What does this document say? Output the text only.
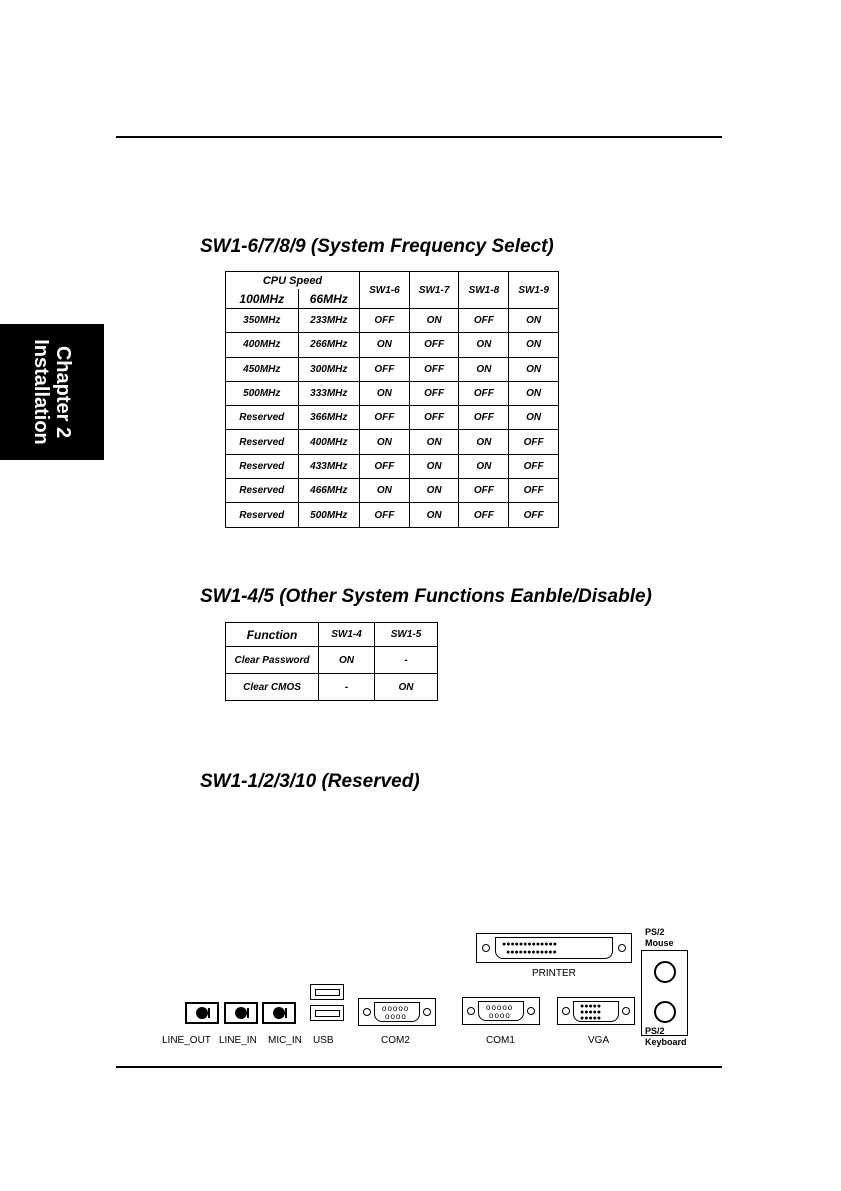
Chapter 2
Installation
SW1-6/7/8/9 (System Frequency Select)
CPU Speed		SW1-6	SW1-7	SW1-8	SW1-9
100MHz	66MHz				
350MHz	233MHz	OFF	ON	OFF	ON
400MHz	266MHz	ON	OFF	ON	ON
450MHz	300MHz	OFF	OFF	ON	ON
500MHz	333MHz	ON	OFF	OFF	ON
Reserved	366MHz	OFF	OFF	OFF	ON
Reserved	400MHz	ON	ON	ON	OFF
Reserved	433MHz	OFF	ON	ON	OFF
Reserved	466MHz	ON	ON	OFF	OFF
Reserved	500MHz	OFF	ON	OFF	OFF
SW1-4/5 (Other System Functions Eanble/Disable)
Function	SW1-4	SW1-5
Clear Password	ON	-
Clear CMOS	-	ON
SW1-1/2/3/10 (Reserved)
ooooo
oooo
ooooo
oooo
●●●●●
●●●●●
●●●●●
●●●●●●●●●●●●●
●●●●●●●●●●●●
LINE_OUT LINE_IN MIC_IN USB	COM2	COM1	VGA
PRINTER
PS/2
Mouse
PS/2
Keyboard
